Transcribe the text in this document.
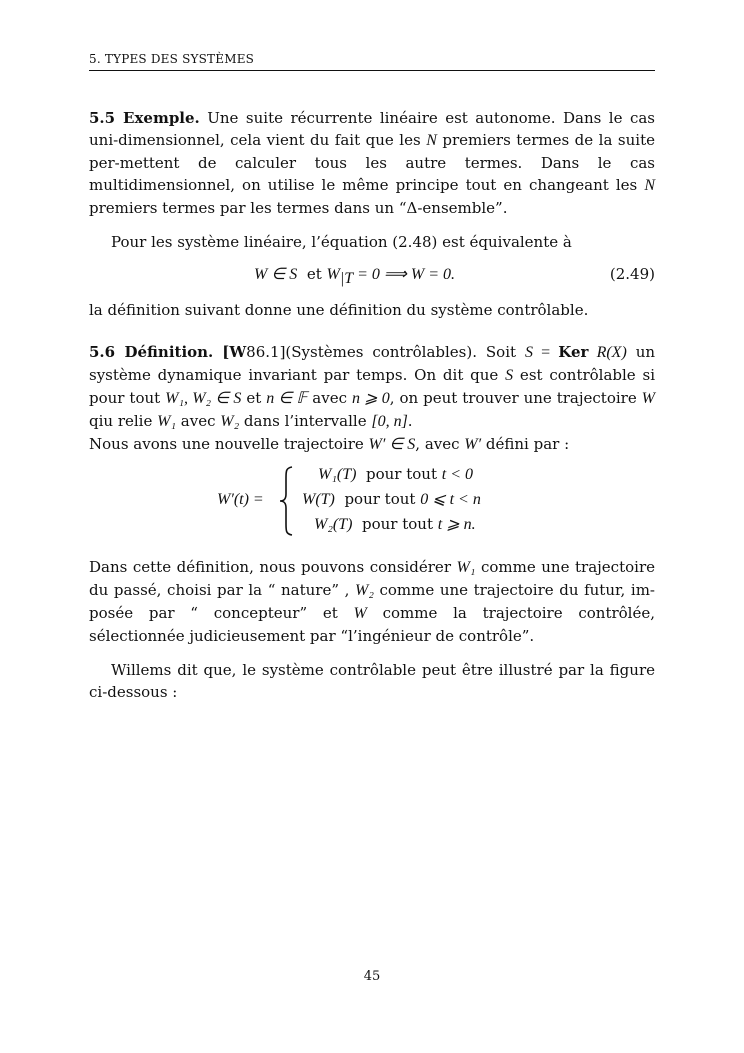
5. TYPES DES SYSTÈMES

5.5 Exemple. Une suite récurrente linéaire est autonome. Dans le cas uni-dimensionnel, cela vient du fait que les N premiers termes de la suite per-mettent de calculer tous les autre termes. Dans le cas multidimensionnel, on utilise le même principe tout en changeant les N premiers termes par les termes dans un “Δ-ensemble”.

Pour les système linéaire, l’équation (2.48) est équivalente à

W ∈ S et $W_{|T} = 0$ ⟹ W = 0.	(2.49)

la définition suivant donne une définition du système contrôlable.

5.6 Définition. [W86.1](Systèmes contrôlables). Soit S = Ker R(X) un système dynamique invariant par temps. On dit que S est contrôlable si pour tout W₁, W₂ ∈ S et n ∈ 𝔽 avec n ⩾ 0, on peut trouver une trajectoire W qiu relie W₁ avec W₂ dans l’intervalle [0, n].
Nous avons une nouvelle trajectoire W′ ∈ S, avec W′ défini par :

W′(t) =
W₁(T) pour tout t < 0
W(T) pour tout 0 ⩽ t < n
W₂(T) pour tout t ⩾ n.

Dans cette définition, nous pouvons considérer W₁ comme une trajectoire du passé, choisi par la “ nature” , W₂ comme une trajectoire du futur, im-posée par “ concepteur” et W comme la trajectoire contrôlée, sélectionnée judicieusement par “l’ingénieur de contrôle”.

Willems dit que, le système contrôlable peut être illustré par la figure ci-dessous :

45
